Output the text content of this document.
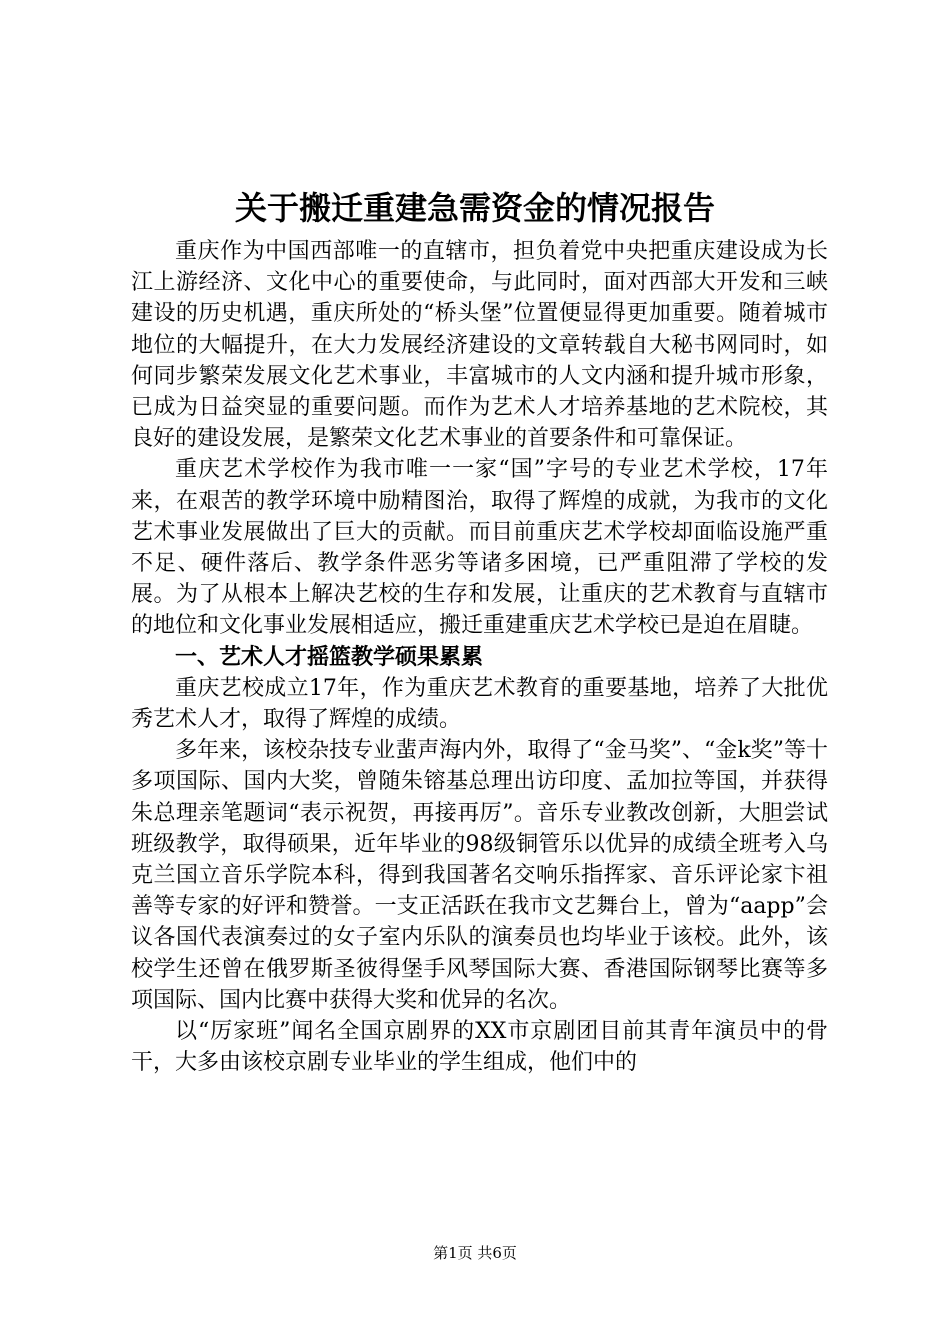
关于搬迁重建急需资金的情况报告

重庆作为中国西部唯一的直辖市，担负着党中央把重庆建设成为长江上游经济、文化中心的重要使命，与此同时，面对西部大开发和三峡建设的历史机遇，重庆所处的“桥头堡”位置便显得更加重要。随着城市地位的大幅提升，在大力发展经济建设的文章转载自大秘书网同时，如何同步繁荣发展文化艺术事业，丰富城市的人文内涵和提升城市形象，已成为日益突显的重要问题。而作为艺术人才培养基地的艺术院校，其良好的建设发展，是繁荣文化艺术事业的首要条件和可靠保证。

重庆艺术学校作为我市唯一一家“国”字号的专业艺术学校，17年来，在艰苦的教学环境中励精图治，取得了辉煌的成就，为我市的文化艺术事业发展做出了巨大的贡献。而目前重庆艺术学校却面临设施严重不足、硬件落后、教学条件恶劣等诸多困境，已严重阻滞了学校的发展。为了从根本上解决艺校的生存和发展，让重庆的艺术教育与直辖市的地位和文化事业发展相适应，搬迁重建重庆艺术学校已是迫在眉睫。

一、艺术人才摇篮教学硕果累累

重庆艺校成立17年，作为重庆艺术教育的重要基地，培养了大批优秀艺术人才，取得了辉煌的成绩。

多年来，该校杂技专业蜚声海内外，取得了“金马奖”、“金k奖”等十多项国际、国内大奖，曾随朱镕基总理出访印度、孟加拉等国，并获得朱总理亲笔题词“表示祝贺，再接再厉”。音乐专业教改创新，大胆尝试班级教学，取得硕果，近年毕业的98级铜管乐以优异的成绩全班考入乌克兰国立音乐学院本科，得到我国著名交响乐指挥家、音乐评论家卞祖善等专家的好评和赞誉。一支正活跃在我市文艺舞台上，曾为“aapp”会议各国代表演奏过的女子室内乐队的演奏员也均毕业于该校。此外，该校学生还曾在俄罗斯圣彼得堡手风琴国际大赛、香港国际钢琴比赛等多项国际、国内比赛中获得大奖和优异的名次。

以“厉家班”闻名全国京剧界的XX市京剧团目前其青年演员中的骨干，大多由该校京剧专业毕业的学生组成，他们中的

第1页 共6页
